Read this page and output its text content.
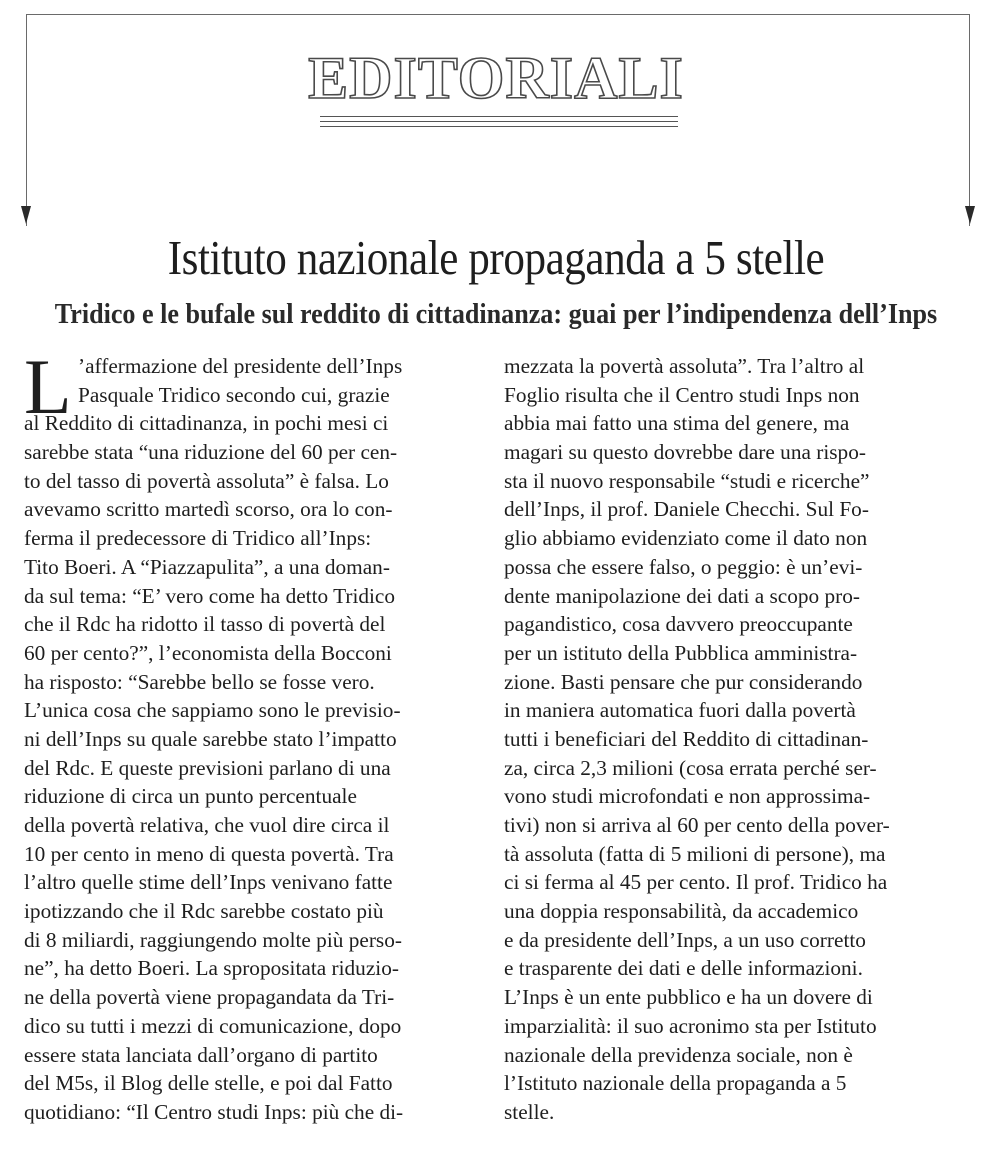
EDITORIALI
Istituto nazionale propaganda a 5 stelle
Tridico e le bufale sul reddito di cittadinanza: guai per l’indipendenza dell’Inps
L ’affermazione del presidente dell’Inps
Pasquale Tridico secondo cui, grazie
al Reddito di cittadinanza, in pochi mesi ci
sarebbe stata “una riduzione del 60 per cen-
to del tasso di povertà assoluta” è falsa. Lo
avevamo scritto martedì scorso, ora lo con-
ferma il predecessore di Tridico all’Inps:
Tito Boeri. A “Piazzapulita”, a una doman-
da sul tema: “E’ vero come ha detto Tridico
che il Rdc ha ridotto il tasso di povertà del
60 per cento?”, l’economista della Bocconi
ha risposto: “Sarebbe bello se fosse vero.
L’unica cosa che sappiamo sono le previsio-
ni dell’Inps su quale sarebbe stato l’impatto
del Rdc. E queste previsioni parlano di una
riduzione di circa un punto percentuale
della povertà relativa, che vuol dire circa il
10 per cento in meno di questa povertà. Tra
l’altro quelle stime dell’Inps venivano fatte
ipotizzando che il Rdc sarebbe costato più
di 8 miliardi, raggiungendo molte più perso-
ne”, ha detto Boeri. La spropositata riduzio-
ne della povertà viene propagandata da Tri-
dico su tutti i mezzi di comunicazione, dopo
essere stata lanciata dall’organo di partito
del M5s, il Blog delle stelle, e poi dal Fatto
quotidiano: “Il Centro studi Inps: più che di-
mezzata la povertà assoluta”. Tra l’altro al
Foglio risulta che il Centro studi Inps non
abbia mai fatto una stima del genere, ma
magari su questo dovrebbe dare una rispo-
sta il nuovo responsabile “studi e ricerche”
dell’Inps, il prof. Daniele Checchi. Sul Fo-
glio abbiamo evidenziato come il dato non
possa che essere falso, o peggio: è un’evi-
dente manipolazione dei dati a scopo pro-
pagandistico, cosa davvero preoccupante
per un istituto della Pubblica amministra-
zione. Basti pensare che pur considerando
in maniera automatica fuori dalla povertà
tutti i beneficiari del Reddito di cittadinan-
za, circa 2,3 milioni (cosa errata perché ser-
vono studi microfondati e non approssima-
tivi) non si arriva al 60 per cento della pover-
tà assoluta (fatta di 5 milioni di persone), ma
ci si ferma al 45 per cento. Il prof. Tridico ha
una doppia responsabilità, da accademico
e da presidente dell’Inps, a un uso corretto
e trasparente dei dati e delle informazioni.
L’Inps è un ente pubblico e ha un dovere di
imparzialità: il suo acronimo sta per Istituto
nazionale della previdenza sociale, non è
l’Istituto nazionale della propaganda a 5
stelle.
